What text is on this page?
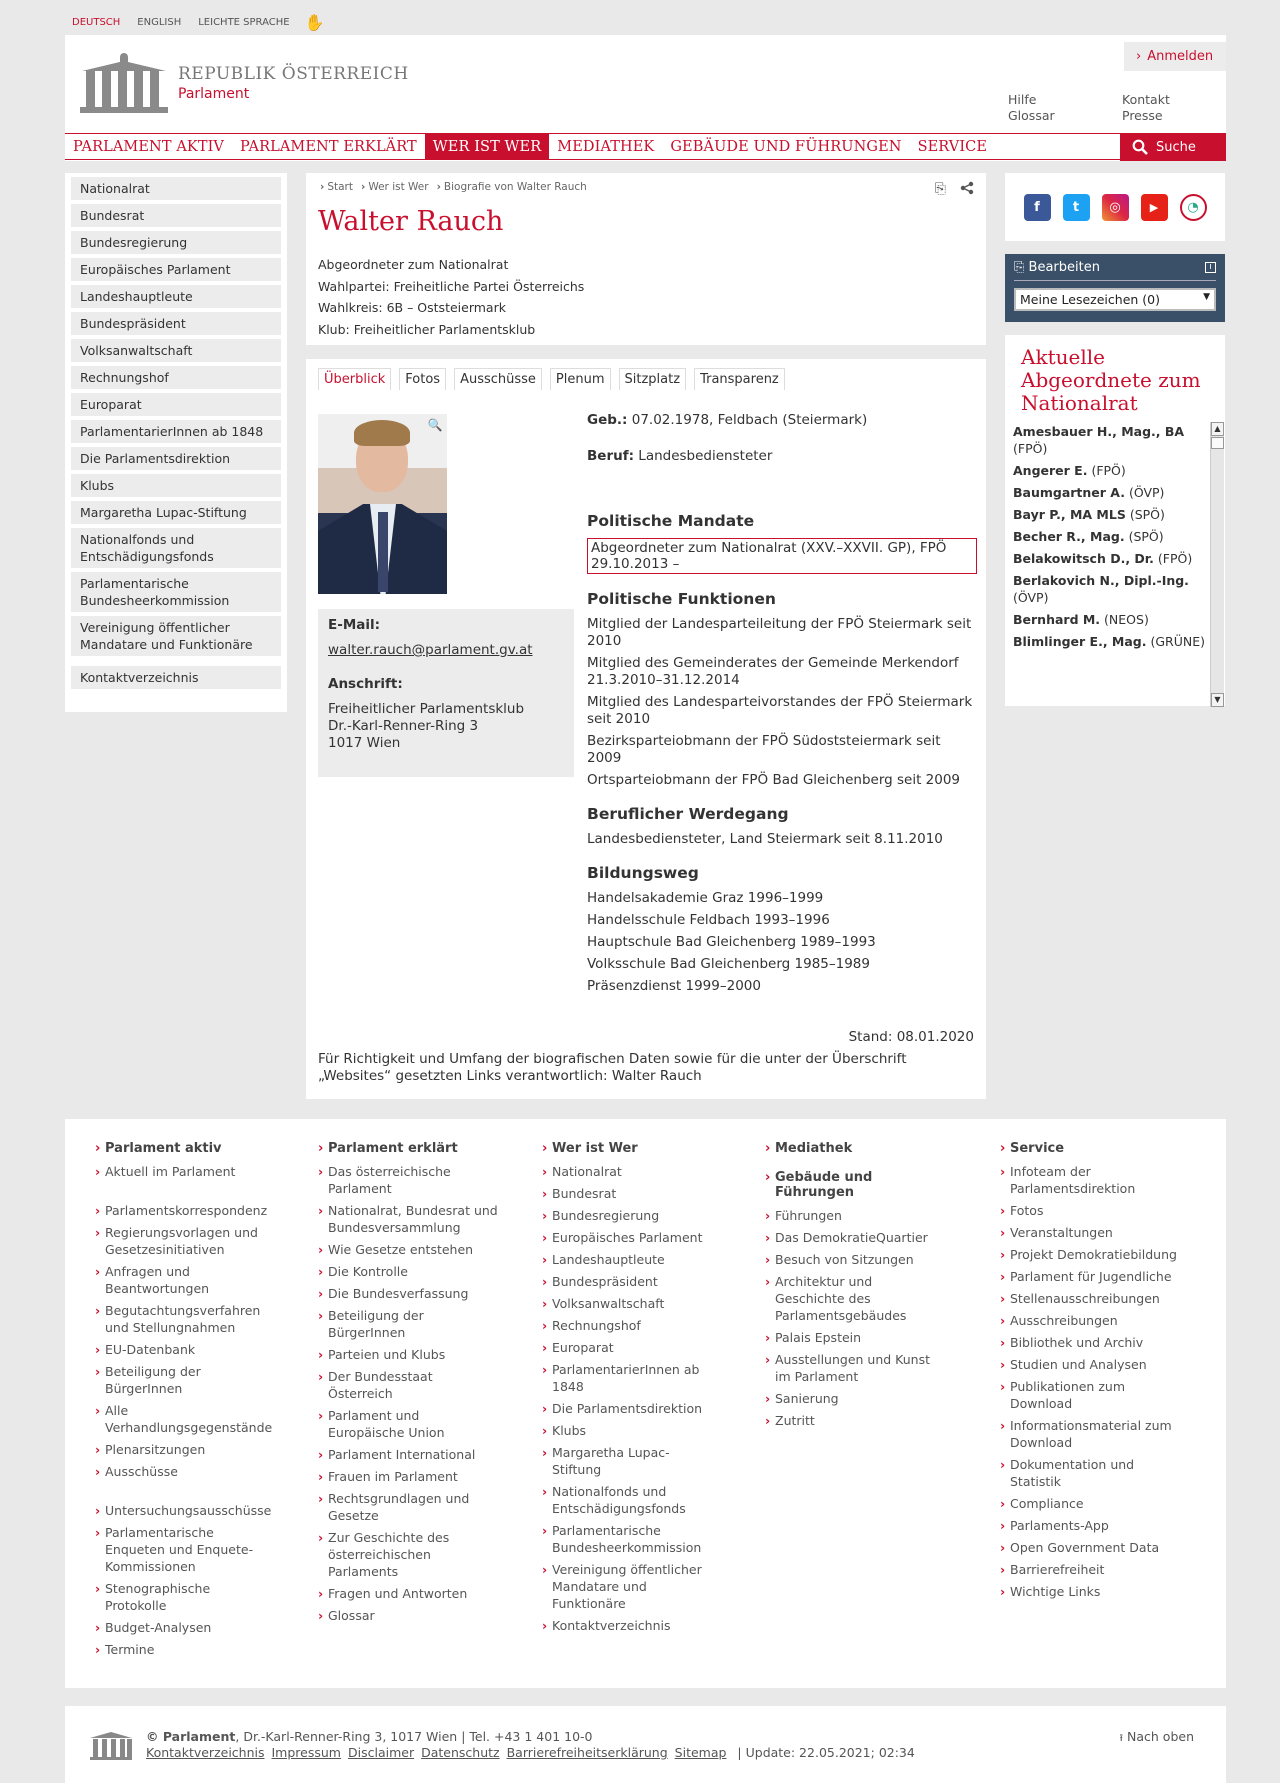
DEUTSCH ENGLISH LEICHTE SPRACHE ✋
REPUBLIK ÖSTERREICH
Parlament
› Anmelden
Hilfe
Glossar
Kontakt
Presse
PARLAMENT AKTIV	PARLAMENT ERKLÄRT	WER IST WER	MEDIATHEK	GEBÄUDE UND FÜHRUNGEN	SERVICE	Suche
Nationalrat
Bundesrat
Bundesregierung
Europäisches Parlament
Landeshauptleute
Bundespräsident
Volksanwaltschaft
Rechnungshof
Europarat
ParlamentarierInnen ab 1848
Die Parlamentsdirektion
Klubs
Margaretha Lupac-Stiftung
Nationalfonds und Entschädigungsfonds
Parlamentarische Bundesheerkommission
Vereinigung öffentlicher Mandatare und Funktionäre
Kontaktverzeichnis
› Start	› Wer ist Wer	› Biografie von Walter Rauch	⎘
Walter Rauch
Abgeordneter zum Nationalrat
Wahlpartei: Freiheitliche Partei Österreichs
Wahlkreis: 6B – Oststeiermark
Klub: Freiheitlicher Parlamentsklub
Überblick	Fotos	Ausschüsse	Plenum	Sitzplatz	Transparenz
🔍
E-Mail:
walter.rauch@parlament.gv.at
Anschrift:
Freiheitlicher Parlamentsklub
Dr.-Karl-Renner-Ring 3
1017 Wien
Geb.: 07.02.1978, Feldbach (Steiermark)
Beruf: Landesbediensteter
Politische Mandate
Abgeordneter zum Nationalrat (XXV.–XXVII. GP), FPÖ 29.10.2013 –
Politische Funktionen
Mitglied der Landesparteileitung der FPÖ Steiermark seit 2010
Mitglied des Gemeinderates der Gemeinde Merkendorf 21.3.2010–31.12.2014
Mitglied des Landesparteivorstandes der FPÖ Steiermark seit 2010
Bezirksparteiobmann der FPÖ Südoststeiermark seit 2009
Ortsparteiobmann der FPÖ Bad Gleichenberg seit 2009
Beruflicher Werdegang
Landesbediensteter, Land Steiermark seit 8.11.2010
Bildungsweg
Handelsakademie Graz 1996–1999
Handelsschule Feldbach 1993–1996
Hauptschule Bad Gleichenberg 1989–1993
Volksschule Bad Gleichenberg 1985–1989
Präsenzdienst 1999–2000
Stand: 08.01.2020
Für Richtigkeit und Umfang der biografischen Daten sowie für die unter der Überschrift „Websites“ gesetzten Links verantwortlich: Walter Rauch
f	t	◎	▶	◔
⎘ Bearbeiten	i
Meine Lesezeichen (0)	▼
Aktuelle Abgeordnete zum Nationalrat
Amesbauer H., Mag., BA (FPÖ)
Angerer E. (FPÖ)
Baumgartner A. (ÖVP)
Bayr P., MA MLS (SPÖ)
Becher R., Mag. (SPÖ)
Belakowitsch D., Dr. (FPÖ)
Berlakovich N., Dipl.-Ing. (ÖVP)
Bernhard M. (NEOS)
Blimlinger E., Mag. (GRÜNE)
▲
▼
› Parlament aktiv
› Aktuell im Parlament
› Parlamentskorrespondenz
› Regierungsvorlagen und Gesetzesinitiativen
› Anfragen und Beantwortungen
› Begutachtungsverfahren und Stellungnahmen
› EU-Datenbank
› Beteiligung der BürgerInnen
› Alle Verhandlungsgegenstände
› Plenarsitzungen
› Ausschüsse
› Untersuchungsausschüsse
› Parlamentarische Enqueten und Enquete-Kommissionen
› Stenographische Protokolle
› Budget-Analysen
› Termine
› Parlament erklärt
› Das österreichische Parlament
› Nationalrat, Bundesrat und Bundesversammlung
› Wie Gesetze entstehen
› Die Kontrolle
› Die Bundesverfassung
› Beteiligung der BürgerInnen
› Parteien und Klubs
› Der Bundesstaat Österreich
› Parlament und Europäische Union
› Parlament International
› Frauen im Parlament
› Rechtsgrundlagen und Gesetze
› Zur Geschichte des österreichischen Parlaments
› Fragen und Antworten
› Glossar
› Wer ist Wer
› Nationalrat
› Bundesrat
› Bundesregierung
› Europäisches Parlament
› Landeshauptleute
› Bundespräsident
› Volksanwaltschaft
› Rechnungshof
› Europarat
› ParlamentarierInnen ab 1848
› Die Parlamentsdirektion
› Klubs
› Margaretha Lupac-Stiftung
› Nationalfonds und Entschädigungsfonds
› Parlamentarische Bundesheerkommission
› Vereinigung öffentlicher Mandatare und Funktionäre
› Kontaktverzeichnis
› Mediathek
› Gebäude und Führungen
› Führungen
› Das DemokratieQuartier
› Besuch von Sitzungen
› Architektur und Geschichte des Parlamentsgebäudes
› Palais Epstein
› Ausstellungen und Kunst im Parlament
› Sanierung
› Zutritt
› Service
› Infoteam der Parlamentsdirektion
› Fotos
› Veranstaltungen
› Projekt Demokratiebildung
› Parlament für Jugendliche
› Stellenausschreibungen
› Ausschreibungen
› Bibliothek und Archiv
› Studien und Analysen
› Publikationen zum Download
› Informationsmaterial zum Download
› Dokumentation und Statistik
› Compliance
› Parlaments-App
› Open Government Data
› Barrierefreiheit
› Wichtige Links
© Parlament, Dr.-Karl-Renner-Ring 3, 1017 Wien | Tel. +43 1 401 10-0
Kontaktverzeichnis Impressum Disclaimer Datenschutz Barrierefreiheitserklärung Sitemap | Update: 22.05.2021; 02:34
⭱ Nach oben
